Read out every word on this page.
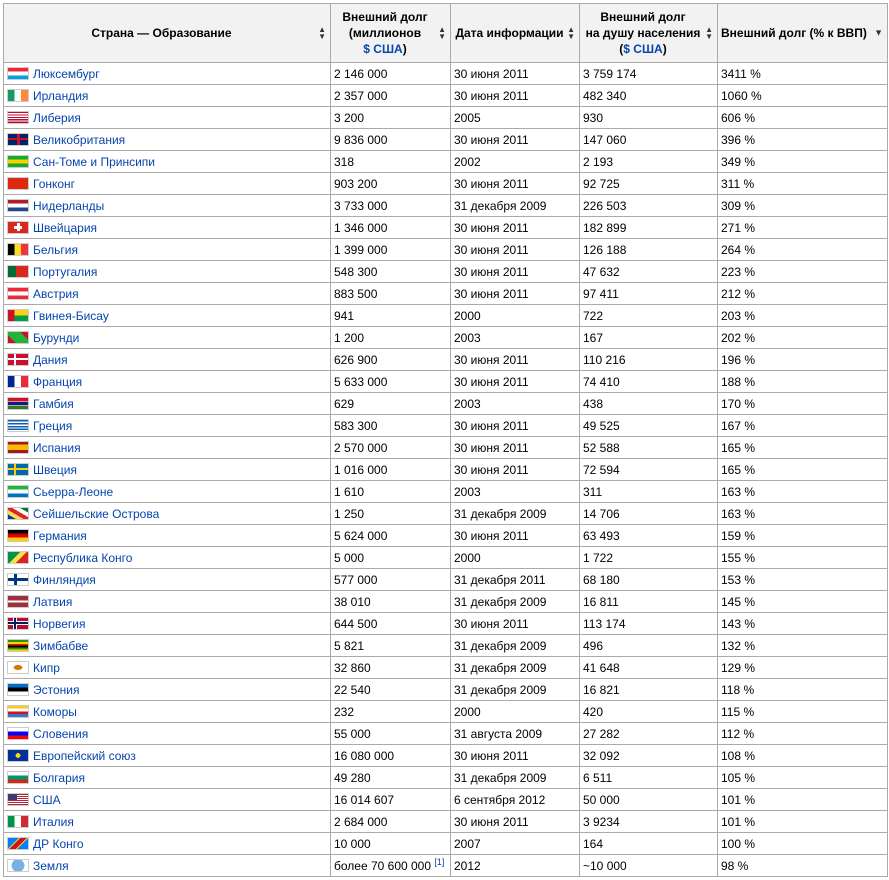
Страна — Образование ▲
▼	Внешний долг
(миллионов
$ США)
▲
▼	Дата информации ▲
▼	Внешний долг
на душу населения
($ США)
▲
▼	Внешний долг (% к ВВП) ▼

Люксембург	2 146 000	30 июня 2011	3 759 174	3411 %
Ирландия	2 357 000	30 июня 2011	482 340	1060 %
Либерия	3 200	2005	930	606 %
Великобритания	9 836 000	30 июня 2011	147 060	396 %
Сан-Томе и Принсипи	318	2002	2 193	349 %
Гонконг	903 200	30 июня 2011	92 725	311 %
Нидерланды	3 733 000	31 декабря 2009	226 503	309 %
Швейцария	1 346 000	30 июня 2011	182 899	271 %
Бельгия	1 399 000	30 июня 2011	126 188	264 %
Португалия	548 300	30 июня 2011	47 632	223 %
Австрия	883 500	30 июня 2011	97 411	212 %
Гвинея-Бисау	941	2000	722	203 %
Бурунди	1 200	2003	167	202 %
Дания	626 900	30 июня 2011	110 216	196 %
Франция	5 633 000	30 июня 2011	74 410	188 %
Гамбия	629	2003	438	170 %
Греция	583 300	30 июня 2011	49 525	167 %
Испания	2 570 000	30 июня 2011	52 588	165 %
Швеция	1 016 000	30 июня 2011	72 594	165 %
Сьерра-Леоне	1 610	2003	311	163 %
Сейшельские Острова	1 250	31 декабря 2009	14 706	163 %
Германия	5 624 000	30 июня 2011	63 493	159 %
Республика Конго	5 000	2000	1 722	155 %
Финляндия	577 000	31 декабря 2011	68 180	153 %
Латвия	38 010	31 декабря 2009	16 811	145 %
Норвегия	644 500	30 июня 2011	113 174	143 %
Зимбабве	5 821	31 декабря 2009	496	132 %
Кипр	32 860	31 декабря 2009	41 648	129 %
Эстония	22 540	31 декабря 2009	16 821	118 %
Коморы	232	2000	420	115 %
Словения	55 000	31 августа 2009	27 282	112 %
Европейский союз	16 080 000	30 июня 2011	32 092	108 %
Болгария	49 280	31 декабря 2009	6 511	105 %
США	16 014 607	6 сентября 2012	50 000	101 %
Италия	2 684 000	30 июня 2011	3 9234	101 %
ДР Конго	10 000	2007	164	100 %
Земля	более 70 600 000 [1]	2012	~10 000	98 %
